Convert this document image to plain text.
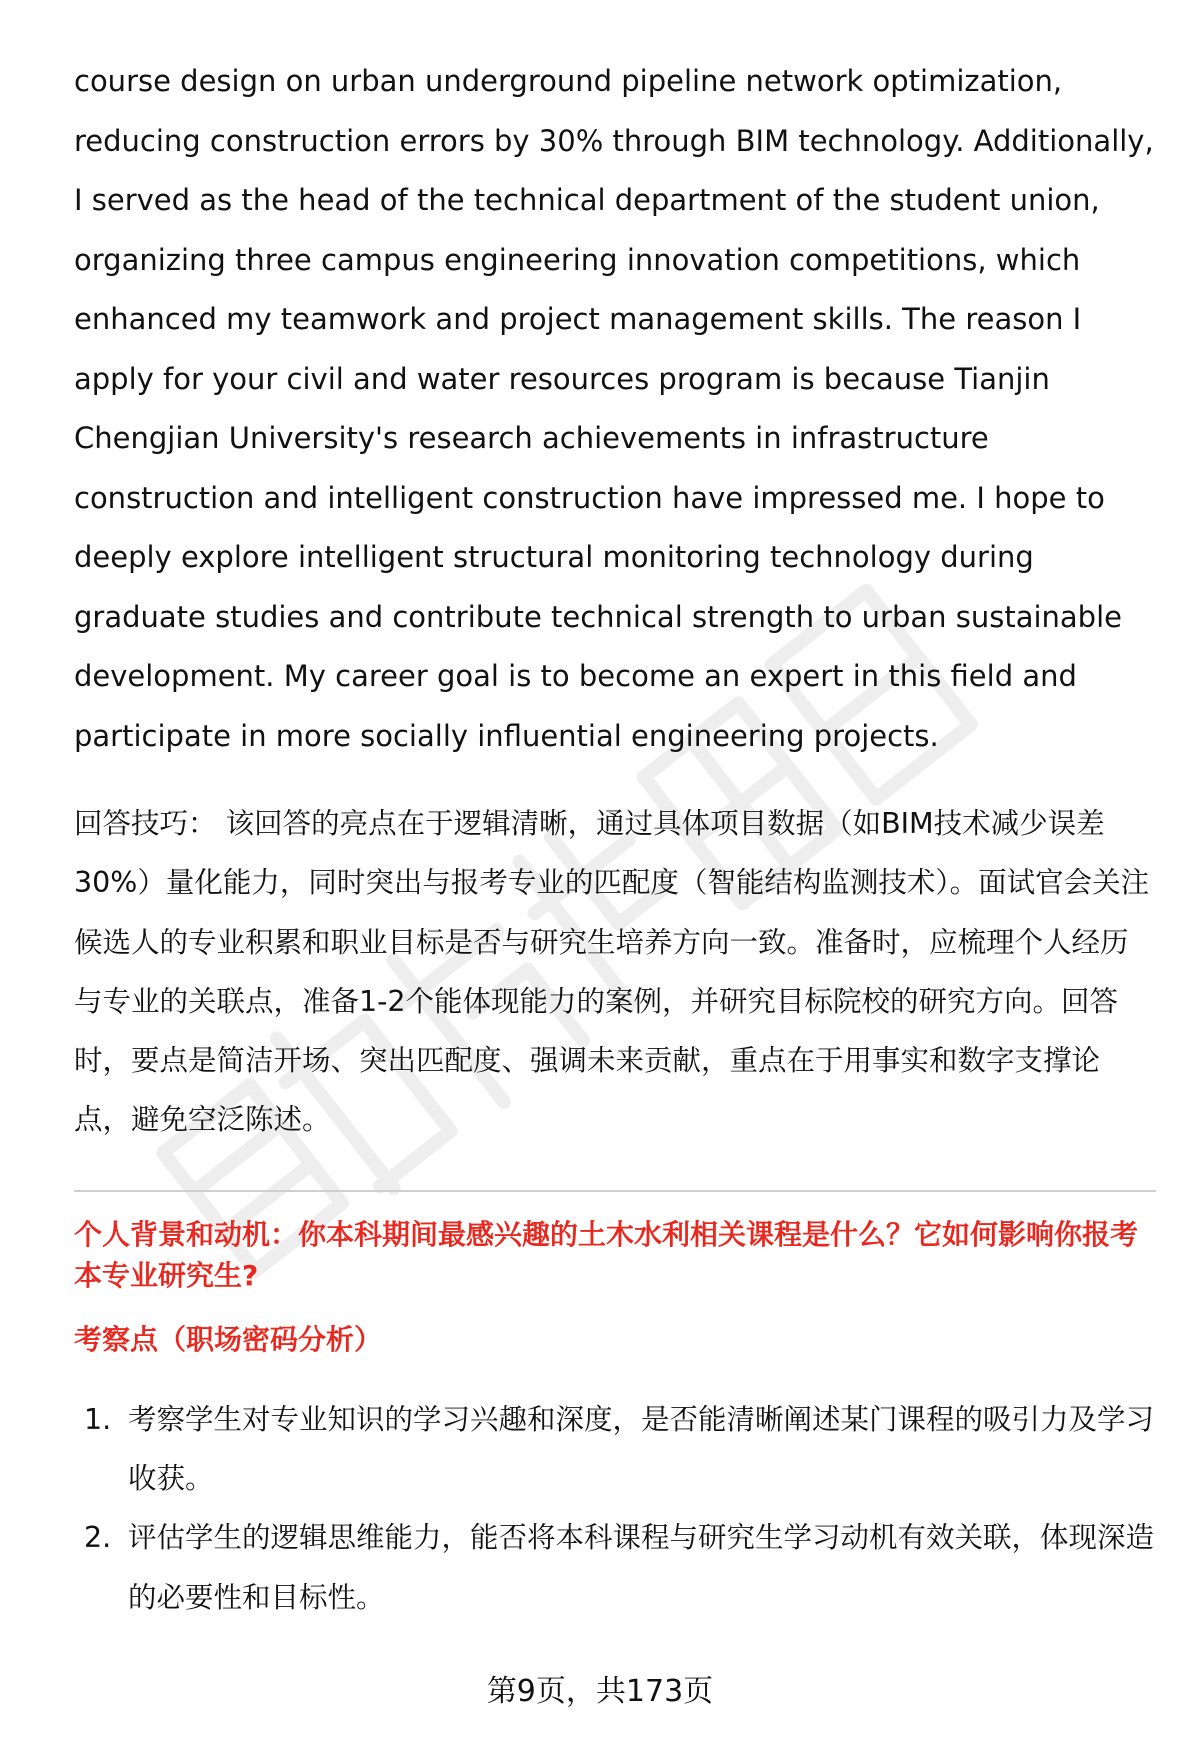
course design on urban underground pipeline network optimization, reducing construction errors by 30% through BIM technology. Additionally, I served as the head of the technical department of the student union, organizing three campus engineering innovation competitions, which enhanced my teamwork and project management skills. The reason I apply for your civil and water resources program is because Tianjin Chengjian University's research achievements in infrastructure construction and intelligent construction have impressed me. I hope to deeply explore intelligent structural monitoring technology during graduate studies and contribute technical strength to urban sustainable development. My career goal is to become an expert in this field and participate in more socially influential engineering projects.

回答技巧： 该回答的亮点在于逻辑清晰，通过具体项目数据（如BIM技术减少误差30%）量化能力，同时突出与报考专业的匹配度（智能结构监测技术）。面试官会关注候选人的专业积累和职业目标是否与研究生培养方向一致。准备时，应梳理个人经历与专业的关联点，准备1-2个能体现能力的案例，并研究目标院校的研究方向。回答时，要点是简洁开场、突出匹配度、强调未来贡献，重点在于用事实和数字支撑论点，避免空泛陈述。

个人背景和动机：你本科期间最感兴趣的土木水利相关课程是什么？它如何影响你报考本专业研究生?
考察点（职场密码分析）
1. 考察学生对专业知识的学习兴趣和深度，是否能清晰阐述某门课程的吸引力及学习收获。
2. 评估学生的逻辑思维能力，能否将本科课程与研究生学习动机有效关联，体现深造的必要性和目标性。
第9页，共173页
